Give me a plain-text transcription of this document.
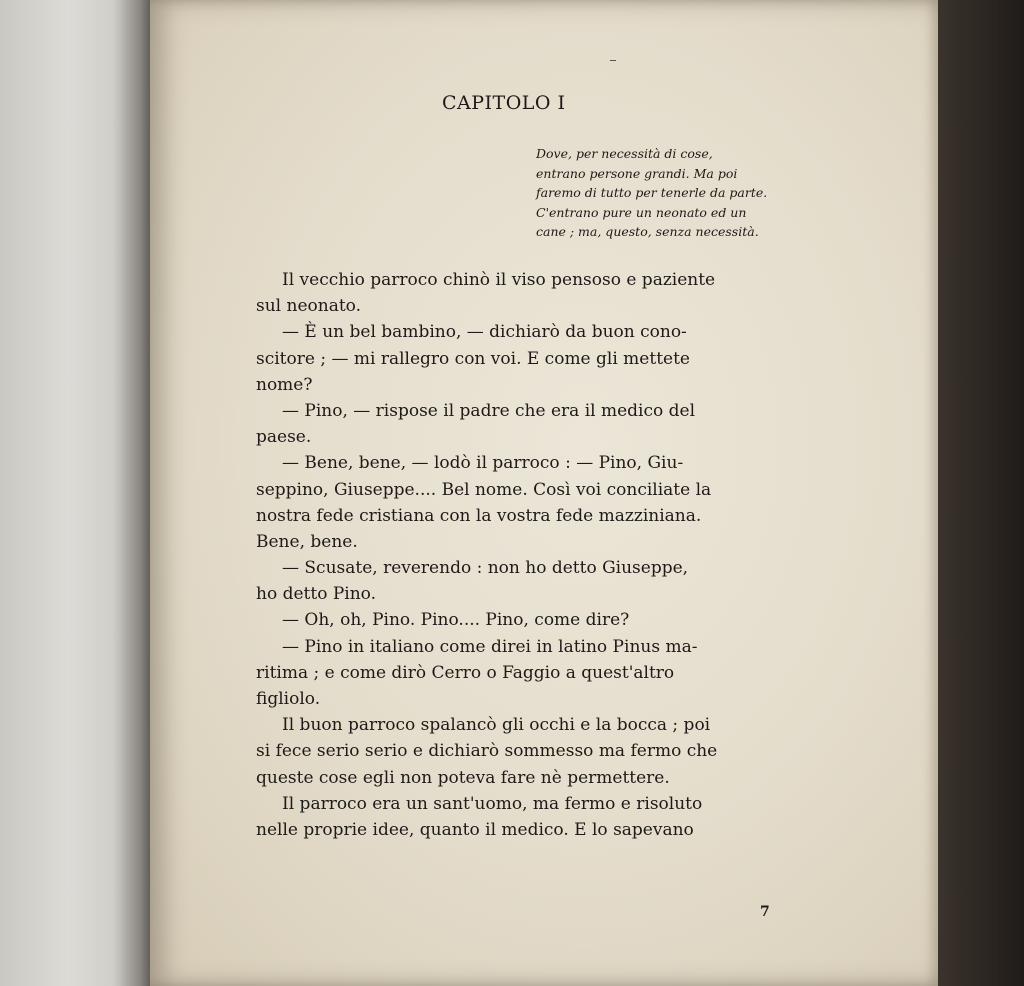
CAPITOLO I
Dove, per necessità di cose,
entrano persone grandi. Ma poi
faremo di tutto per tenerle da parte.
C'entrano pure un neonato ed un
cane ; ma, questo, senza necessità.
Il vecchio parroco chinò il viso pensoso e paziente
sul neonato.
— È un bel bambino, — dichiarò da buon cono-
scitore ; — mi rallegro con voi. E come gli mettete
nome?
— Pino, — rispose il padre che era il medico del
paese.
— Bene, bene, — lodò il parroco : — Pino, Giu-
seppino, Giuseppe.... Bel nome. Così voi conciliate la
nostra fede cristiana con la vostra fede mazziniana.
Bene, bene.
— Scusate, reverendo : non ho detto Giuseppe,
ho detto Pino.
— Oh, oh, Pino. Pino.... Pino, come dire?
— Pino in italiano come direi in latino Pinus ma-
ritima ; e come dirò Cerro o Faggio a quest'altro
figliolo.
Il buon parroco spalancò gli occhi e la bocca ; poi
si fece serio serio e dichiarò sommesso ma fermo che
queste cose egli non poteva fare nè permettere.
Il parroco era un sant'uomo, ma fermo e risoluto
nelle proprie idee, quanto il medico. E lo sapevano
7
